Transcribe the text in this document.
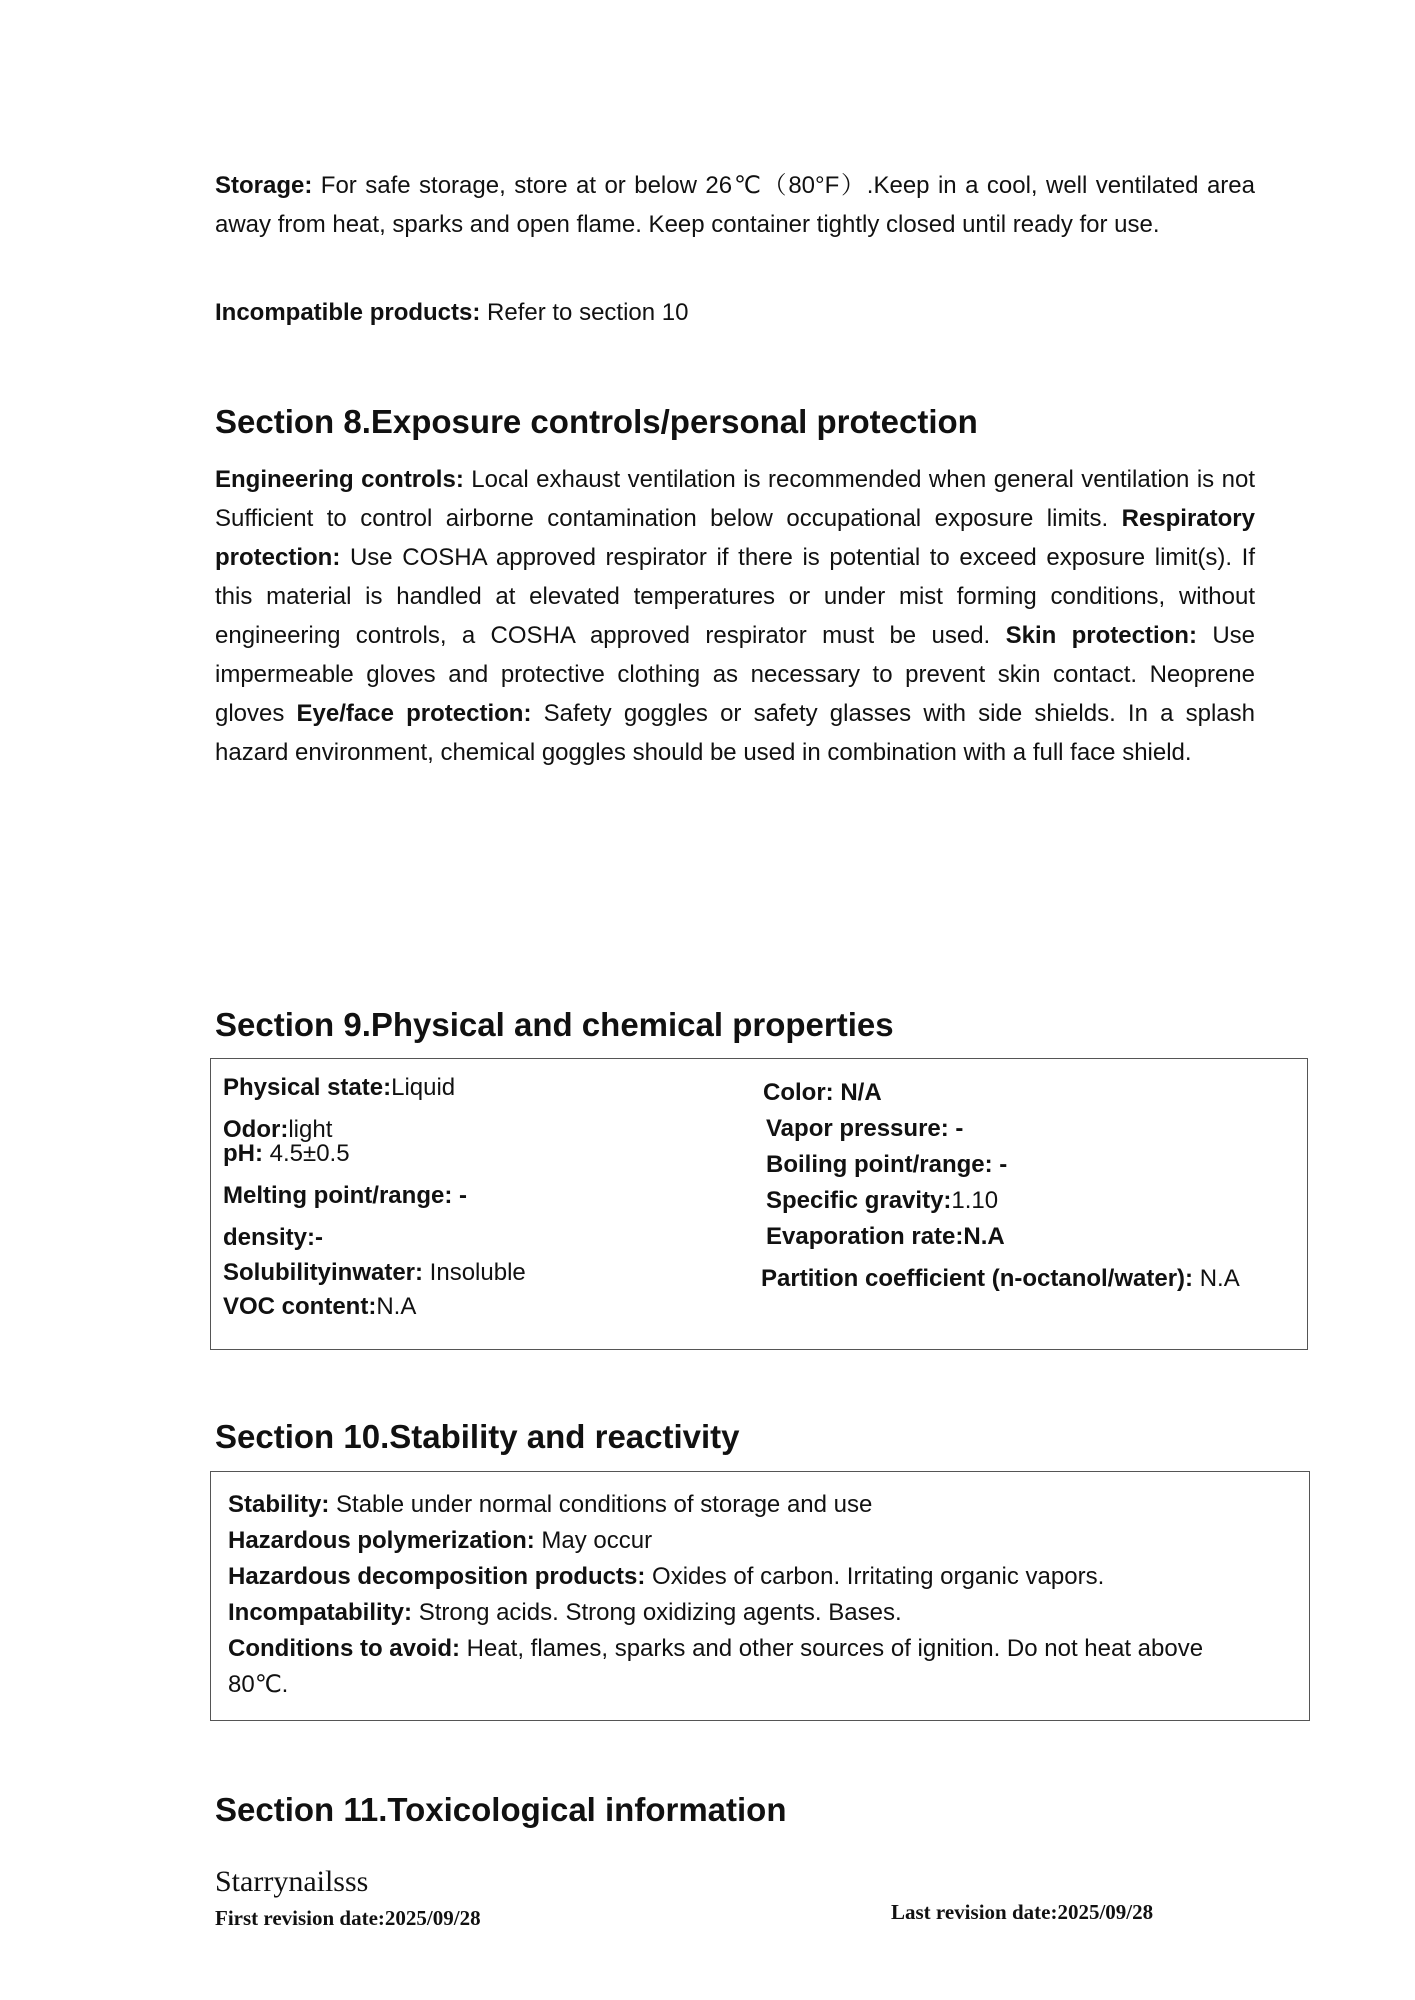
Storage: For safe storage, store at or below 26℃（80°F）.Keep in a cool, well ventilated area away from heat, sparks and open flame. Keep container tightly closed until ready for use.

Incompatible products: Refer to section 10

Section 8.Exposure controls/personal protection

Engineering controls: Local exhaust ventilation is recommended when general ventilation is not Sufficient to control airborne contamination below occupational exposure limits. Respiratory protection: Use COSHA approved respirator if there is potential to exceed exposure limit(s). If this material is handled at elevated temperatures or under mist forming conditions, without engineering controls, a COSHA approved respirator must be used. Skin protection: Use impermeable gloves and protective clothing as necessary to prevent skin contact. Neoprene gloves Eye/face protection: Safety goggles or safety glasses with side shields. In a splash hazard environment, chemical goggles should be used in combination with a full face shield.

Section 9.Physical and chemical properties
Physical state:Liquid
Odor:light
pH: 4.5±0.5
Melting point/range: -
density:-
Solubilityinwater: Insoluble
VOC content:N.A
Color: N/A
Vapor pressure: -
Boiling point/range: -
Specific gravity:1.10
Evaporation rate:N.A
Partition coefficient (n-octanol/water): N.A
Section 10.Stability and reactivity
Stability: Stable under normal conditions of storage and use
Hazardous polymerization: May occur
Hazardous decomposition products: Oxides of carbon. Irritating organic vapors.
Incompatability: Strong acids. Strong oxidizing agents. Bases.
Conditions to avoid: Heat, flames, sparks and other sources of ignition. Do not heat above
80℃.
Section 11.Toxicological information
Starrynailsss
First revision date:2025/09/28	Last revision date:2025/09/28
